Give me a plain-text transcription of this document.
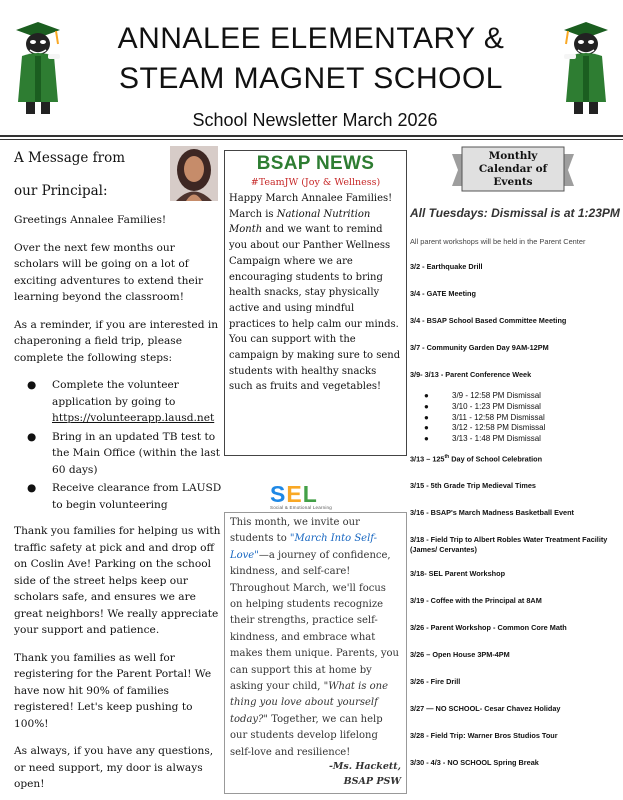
ANNALEE ELEMENTARY &
STEAM MAGNET SCHOOL
School Newsletter March 2026
A Message from
our Principal:

Greetings Annalee Families!

Over the next few months our scholars will be going on a lot of exciting adventures to extend their learning beyond the classroom!

As a reminder, if you are interested in chaperoning a field trip, please complete the following steps:

● Complete the volunteer application by going to https://volunteerapp.lausd.net
● Bring in an updated TB test to the Main Office (within the last 60 days)
● Receive clearance from LAUSD to begin volunteering

Thank you families for helping us with traffic safety at pick and and drop off on Coslin Ave! Parking on the school side of the street helps keep our scholars safe, and ensures we are great neighbors! We really appreciate your support and patience.

Thank you families as well for registering for the Parent Portal! We have now hit 90% of families registered! Let's keep pushing to 100%!

As always, if you have any questions, or need support, my door is always open!

BSAP NEWS
#TeamJW (Joy & Wellness)
Happy March Annalee Families! March is National Nutrition Month and we want to remind you about our Panther Wellness Campaign where we are encouraging students to bring health snacks, stay physically active and using mindful practices to help calm our minds.
You can support with the campaign by making sure to send students with healthy snacks such as fruits and vegetables!
SEL
Social & Emotional Learning
This month, we invite our students to "March Into Self-Love"—a journey of confidence, kindness, and self-care! Throughout March, we'll focus on helping students recognize their strengths, practice self-kindness, and embrace what makes them unique. Parents, you can support this at home by asking your child, "What is one thing you love about yourself today?" Together, we can help our students develop lifelong self-love and resilience!
-Ms. Hackett,
BSAP PSW
Monthly Calendar of Events
All Tuesdays: Dismissal is at 1:23PM
All parent workshops will be held in the Parent Center
3/2 - Earthquake Drill
3/4 - GATE Meeting
3/4 - BSAP School Based Committee Meeting
3/7 - Community Garden Day 9AM-12PM
3/9- 3/13 - Parent Conference Week
●	3/9 - 12:58 PM Dismissal
●	3/10 - 1:23 PM Dismissal
●	3/11 - 12:58 PM Dismissal
●	3/12 - 12:58 PM Dismissal
●	3/13 - 1:48 PM Dismissal
3/13 – 125th Day of School Celebration
3/15 - 5th Grade Trip Medieval Times
3/16 - BSAP's March Madness Basketball Event
3/18 - Field Trip to Albert Robles Water Treatment Facility (James/ Cervantes)
3/18- SEL Parent Workshop
3/19 - Coffee with the Principal at 8AM
3/26 - Parent Workshop - Common Core Math
3/26 – Open House 3PM-4PM
3/26 - Fire Drill
3/27 — NO SCHOOL- Cesar Chavez Holiday
3/28 - Field Trip: Warner Bros Studios Tour
3/30 - 4/3 - NO SCHOOL Spring Break
